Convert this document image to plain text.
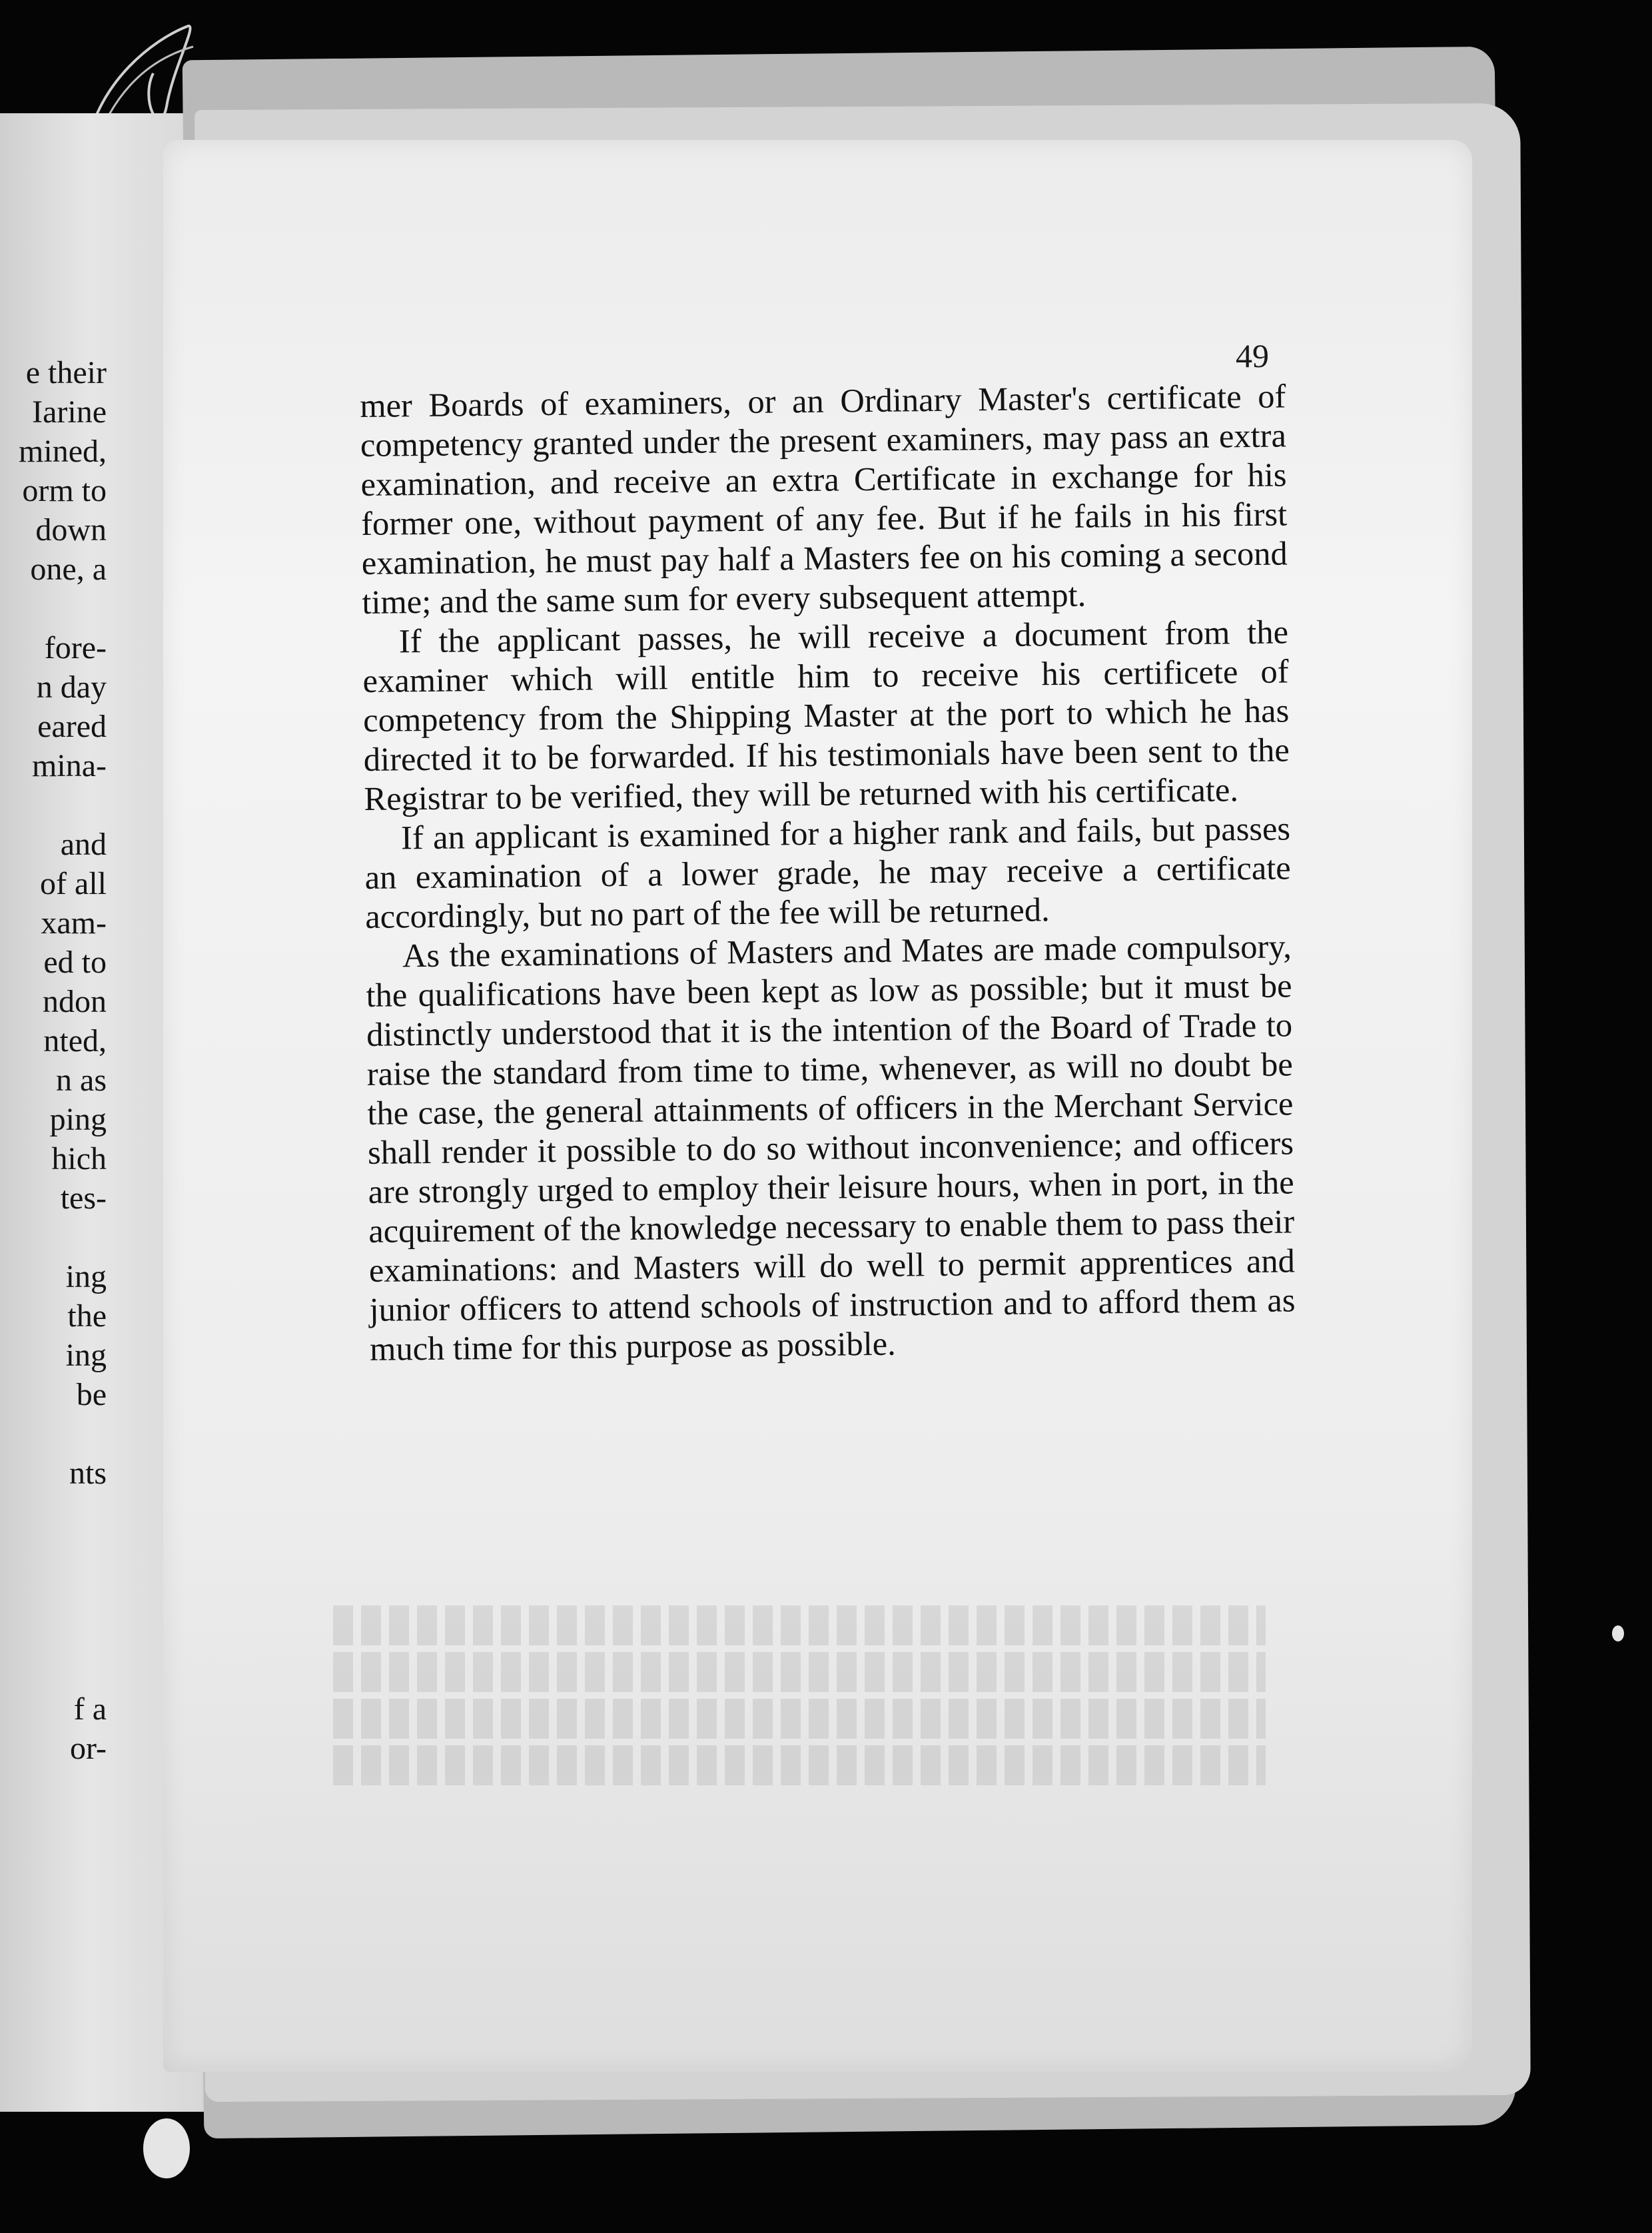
e their
Iarine
mined,
orm to
down
one, a
fore-
n day
eared
mina-
and
of all
xam-
ed to
ndon
nted,
n as
ping
hich
tes-
ing
the
ing
be
nts
f a
or-
49

mer Boards of examiners, or an Ordinary Master's certificate of competency granted under the present examiners, may pass an extra examination, and receive an extra Certificate in exchange for his former one, without payment of any fee. But if he fails in his first examination, he must pay half a Masters fee on his coming a second time; and the same sum for every subsequent attempt.

If the applicant passes, he will receive a document from the examiner which will entitle him to receive his certificete of competency from the Shipping Master at the port to which he has directed it to be forwarded. If his testimonials have been sent to the Registrar to be verified, they will be returned with his certificate.

If an applicant is examined for a higher rank and fails, but passes an examination of a lower grade, he may receive a certificate accordingly, but no part of the fee will be returned.

As the examinations of Masters and Mates are made compulsory, the qualifications have been kept as low as possible; but it must be distinctly understood that it is the intention of the Board of Trade to raise the standard from time to time, whenever, as will no doubt be the case, the general attainments of officers in the Merchant Service shall render it possible to do so without inconvenience; and officers are strongly urged to employ their leisure hours, when in port, in the acquirement of the knowledge necessary to enable them to pass their examinations: and Masters will do well to permit apprentices and junior officers to attend schools of instruction and to afford them as much time for this purpose as possible.
